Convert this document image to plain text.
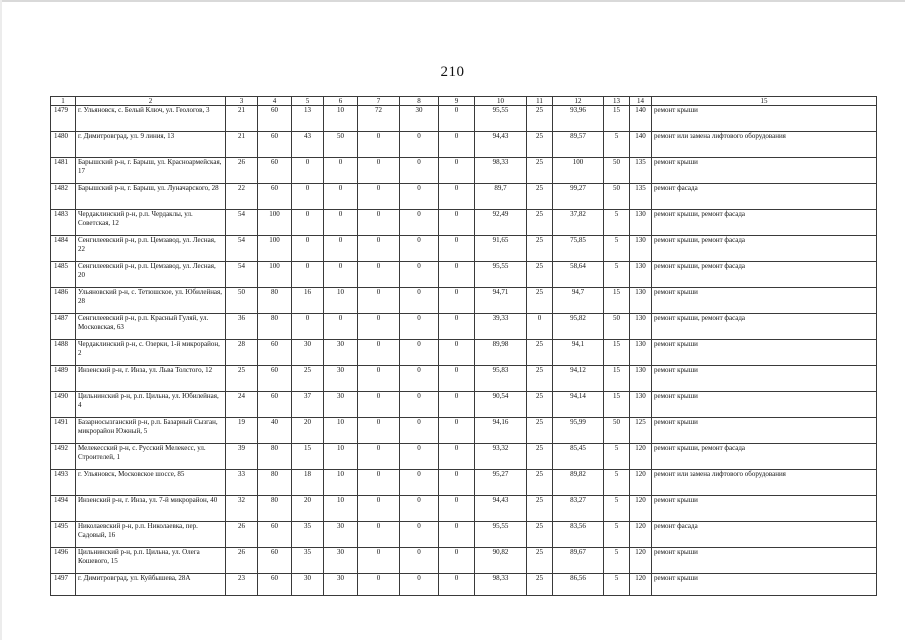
210
1	2	3	4	5	6	7	8	9	10	11	12	13	14	15
1479	г. Ульяновск, с. Белый Ключ, ул. Геологов, 3	21	60	13	10	72	30	0	95,55	25	93,96	15	140	ремонт крыши
1480	г. Димитровград, ул. 9 линия, 13	21	60	43	50	0	0	0	94,43	25	89,57	5	140	ремонт или замена лифтового оборудования
1481	Барышский р-н, г. Барыш, ул. Красноармейская, 17	26	60	0	0	0	0	0	98,33	25	100	50	135	ремонт крыши
1482	Барышский р-н, г. Барыш, ул. Луначарского, 28	22	60	0	0	0	0	0	89,7	25	99,27	50	135	ремонт фасада
1483	Чердаклинский р-н, р.п. Чердаклы, ул. Советская, 12	54	100	0	0	0	0	0	92,49	25	37,82	5	130	ремонт крыши, ремонт фасада
1484	Сенгилеевский р-н, р.п. Цемзавод, ул. Лесная, 22	54	100	0	0	0	0	0	91,65	25	75,85	5	130	ремонт крыши, ремонт фасада
1485	Сенгилеевский р-н, р.п. Цемзавод, ул. Лесная, 20	54	100	0	0	0	0	0	95,55	25	58,64	5	130	ремонт крыши, ремонт фасада
1486	Ульяновский р-н, с. Тетюшское, ул. Юбилейная, 28	50	80	16	10	0	0	0	94,71	25	94,7	15	130	ремонт крыши
1487	Сенгилеевский р-н, р.п. Красный Гуляй, ул. Московская, 63	36	80	0	0	0	0	0	39,33	0	95,82	50	130	ремонт крыши, ремонт фасада
1488	Чердаклинский р-н, с. Озерки, 1-й микрорайон, 2	28	60	30	30	0	0	0	89,98	25	94,1	15	130	ремонт крыши
1489	Инзенский р-н, г. Инза, ул. Льва Толстого, 12	25	60	25	30	0	0	0	95,83	25	94,12	15	130	ремонт крыши
1490	Цильнинский р-н, р.п. Цильна, ул. Юбилейная, 4	24	60	37	30	0	0	0	90,54	25	94,14	15	130	ремонт крыши
1491	Базарносызганский р-н, р.п. Базарный Сызган, микрорайон Южный, 5	19	40	20	10	0	0	0	94,16	25	95,99	50	125	ремонт крыши
1492	Мелекесский р-н, с. Русский Мелекесс, ул. Строителей, 1	39	80	15	10	0	0	0	93,32	25	85,45	5	120	ремонт крыши, ремонт фасада
1493	г. Ульяновск, Московское шоссе, 85	33	80	18	10	0	0	0	95,27	25	89,82	5	120	ремонт или замена лифтового оборудования
1494	Инзенский р-н, г. Инза, ул. 7-й микрорайон, 40	32	80	20	10	0	0	0	94,43	25	83,27	5	120	ремонт крыши
1495	Николаевский р-н, р.п. Николаевка, пер. Садовый, 16	26	60	35	30	0	0	0	95,55	25	83,56	5	120	ремонт фасада
1496	Цильнинский р-н, р.п. Цильна, ул. Олега Кошевого, 15	26	60	35	30	0	0	0	90,82	25	89,67	5	120	ремонт крыши
1497	г. Димитровград, ул. Куйбышева, 28А	23	60	30	30	0	0	0	98,33	25	86,56	5	120	ремонт крыши
